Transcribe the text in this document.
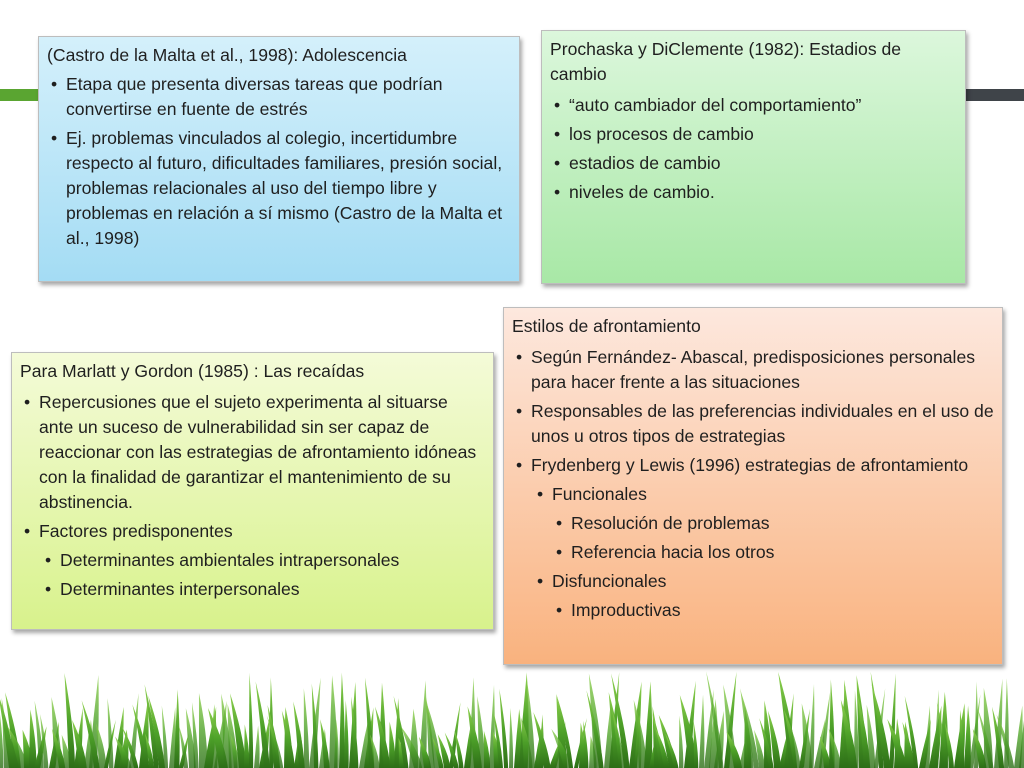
(Castro de la Malta et al., 1998): Adolescencia
• Etapa que presenta diversas tareas que podrían convertirse en fuente de estrés
• Ej. problemas vinculados al colegio, incertidumbre respecto al futuro, dificultades familiares, presión social, problemas relacionales al uso del tiempo libre y problemas en relación a sí mismo (Castro de la Malta et al., 1998)
Prochaska y DiClemente (1982): Estadios de cambio
• “auto cambiador del comportamiento”
• los procesos de cambio
• estadios de cambio
• niveles de cambio.
Para Marlatt y Gordon (1985) : Las recaídas
• Repercusiones que el sujeto experimenta al situarse ante un suceso de vulnerabilidad sin ser capaz de reaccionar con las estrategias de afrontamiento idóneas con la finalidad de garantizar el mantenimiento de su abstinencia.
• Factores predisponentes
• Determinantes ambientales intrapersonales
• Determinantes interpersonales
Estilos de afrontamiento
• Según Fernández- Abascal, predisposiciones personales para hacer frente a las situaciones
• Responsables de las preferencias individuales en el uso de unos u otros tipos de estrategias
• Frydenberg y Lewis (1996) estrategias de afrontamiento
• Funcionales
• Resolución de problemas
• Referencia hacia los otros
• Disfuncionales
• Improductivas
